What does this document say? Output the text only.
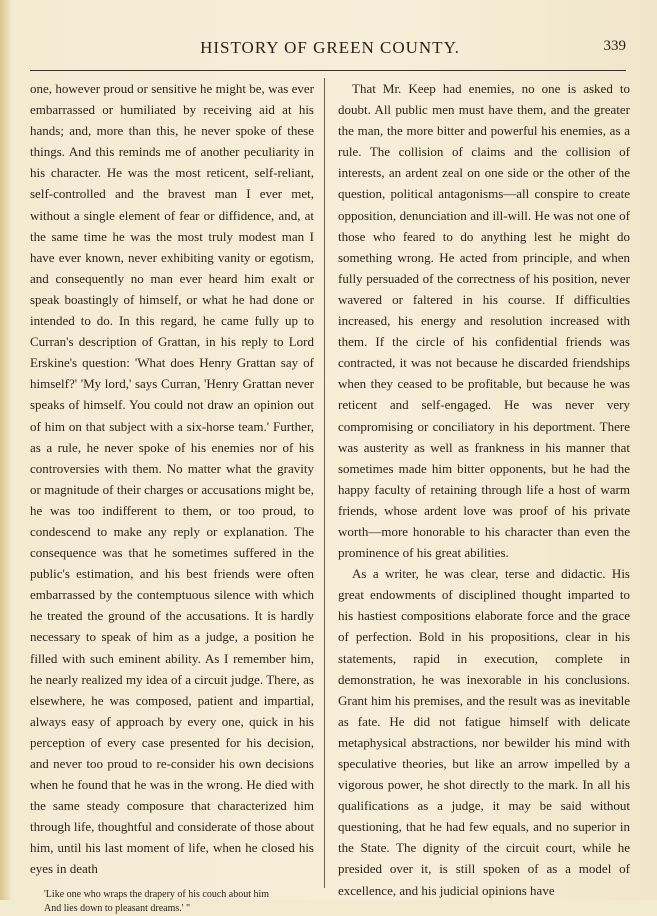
HISTORY OF GREEN COUNTY.	339

one, however proud or sensitive he might be, was ever embarrassed or humiliated by receiving aid at his hands; and, more than this, he never spoke of these things. And this reminds me of another peculiarity in his character. He was the most reticent, self-reliant, self-controlled and the bravest man I ever met, without a single element of fear or diffidence, and, at the same time he was the most truly modest man I have ever known, never exhibiting vanity or egotism, and consequently no man ever heard him exalt or speak boastingly of himself, or what he had done or intended to do. In this regard, he came fully up to Curran's description of Grattan, in his reply to Lord Erskine's question: 'What does Henry Grattan say of himself?' 'My lord,' says Curran, 'Henry Grattan never speaks of himself. You could not draw an opinion out of him on that subject with a six-horse team.' Further, as a rule, he never spoke of his enemies nor of his controversies with them. No matter what the gravity or magnitude of their charges or accusations might be, he was too indifferent to them, or too proud, to condescend to make any reply or explanation. The consequence was that he sometimes suffered in the public's estimation, and his best friends were often embarrassed by the contemptuous silence with which he treated the ground of the accusations. It is hardly necessary to speak of him as a judge, a position he filled with such eminent ability. As I remember him, he nearly realized my idea of a circuit judge. There, as elsewhere, he was composed, patient and impartial, always easy of approach by every one, quick in his perception of every case presented for his decision, and never too proud to re-consider his own decisions when he found that he was in the wrong. He died with the same steady composure that characterized him through life, thoughtful and considerate of those about him, until his last moment of life, when he closed his eyes in death

'Like one who wraps the drapery of his couch about him
And lies down to pleasant dreams.' "

That Mr. Keep had enemies, no one is asked to doubt. All public men must have them, and the greater the man, the more bitter and powerful his enemies, as a rule. The collision of claims and the collision of interests, an ardent zeal on one side or the other of the question, political antagonisms—all conspire to create opposition, denunciation and ill-will. He was not one of those who feared to do anything lest he might do something wrong. He acted from principle, and when fully persuaded of the correctness of his position, never wavered or faltered in his course. If difficulties increased, his energy and resolution increased with them. If the circle of his confidential friends was contracted, it was not because he discarded friendships when they ceased to be profitable, but because he was reticent and self-engaged. He was never very compromising or conciliatory in his deportment. There was austerity as well as frankness in his manner that sometimes made him bitter opponents, but he had the happy faculty of retaining through life a host of warm friends, whose ardent love was proof of his private worth—more honorable to his character than even the prominence of his great abilities.

As a writer, he was clear, terse and didactic. His great endowments of disciplined thought imparted to his hastiest compositions elaborate force and the grace of perfection. Bold in his propositions, clear in his statements, rapid in execution, complete in demonstration, he was inexorable in his conclusions. Grant him his premises, and the result was as inevitable as fate. He did not fatigue himself with delicate metaphysical abstractions, nor bewilder his mind with speculative theories, but like an arrow impelled by a vigorous power, he shot directly to the mark. In all his qualifications as a judge, it may be said without questioning, that he had few equals, and no superior in the State. The dignity of the circuit court, while he presided over it, is still spoken of as a model of excellence, and his judicial opinions have
